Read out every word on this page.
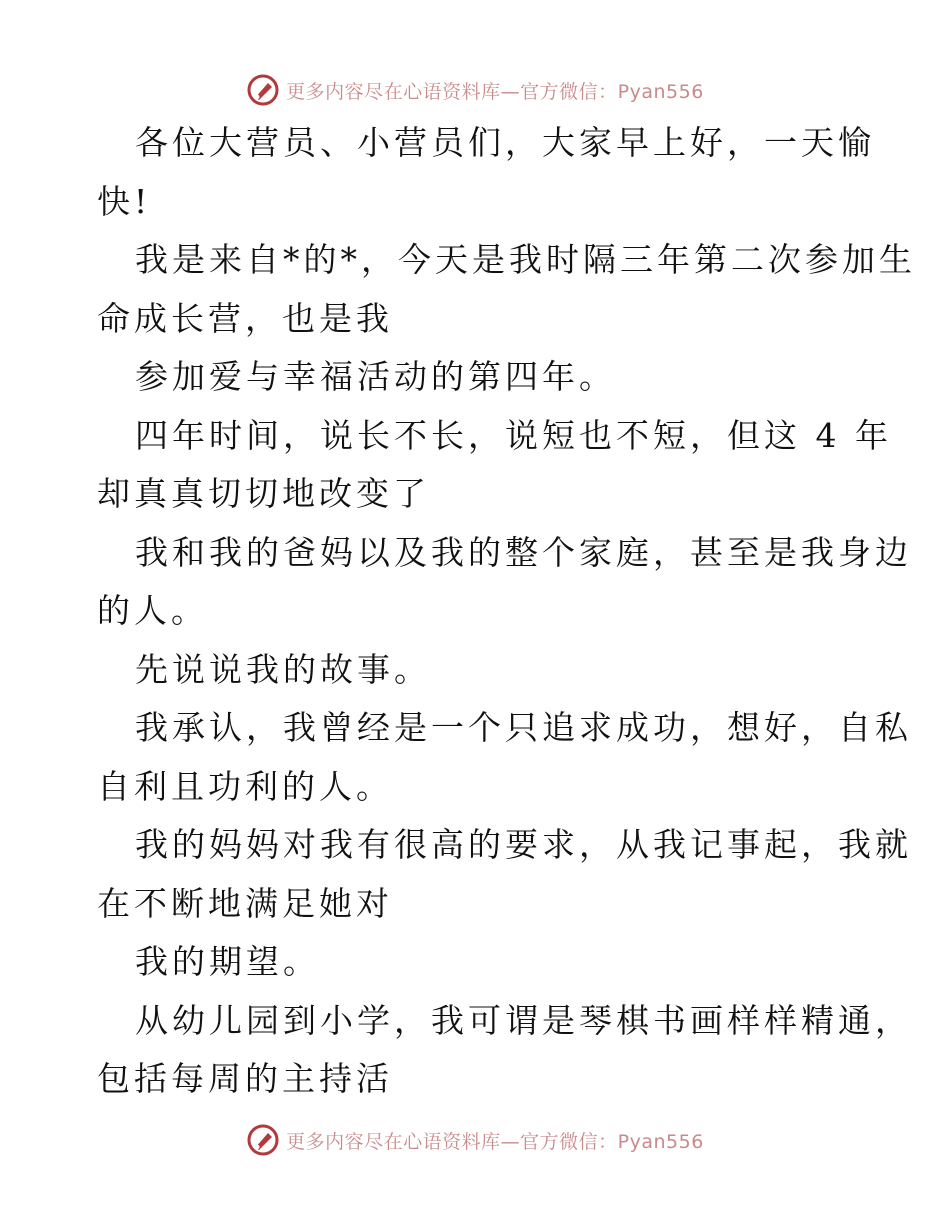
更多内容尽在心语资料库—官方微信：Pyan556
各位大营员、小营员们，大家早上好，一天愉
快!
我是来自*的*，今天是我时隔三年第二次参加生
命成长营，也是我
参加爱与幸福活动的第四年。
四年时间，说长不长，说短也不短，但这 4 年
却真真切切地改变了
我和我的爸妈以及我的整个家庭，甚至是我身边
的人。
先说说我的故事。
我承认，我曾经是一个只追求成功，想好，自私
自利且功利的人。
我的妈妈对我有很高的要求，从我记事起，我就
在不断地满足她对
我的期望。
从幼儿园到小学，我可谓是琴棋书画样样精通，
包括每周的主持活
更多内容尽在心语资料库—官方微信：Pyan556
